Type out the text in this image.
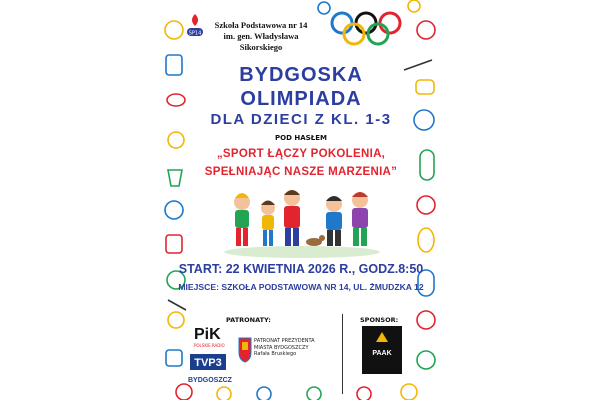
SP14
Szkoła Podstawowa nr 14
im. gen. Władysława
Sikorskiego
BYDGOSKA
OLIMPIADA
DLA DZIECI Z KL. 1-3
POD HASŁEM
„SPORT ŁĄCZY POKOLENIA,
SPEŁNIAJĄC NASZE MARZENIA”
START: 22 KWIETNIA 2026 R., GODZ.8:50
MIEJSCE: SZKOŁA PODSTAWOWA NR 14, UL. ŻMUDZKA 12
PATRONATY:
PiK
POLSKIE RADIO
TVP3
BYDGOSZCZ
PATRONAT PREZYDENTA
MIASTA BYDGOSZCZY
Rafała Bruskiego
SPONSOR:
PAAK
